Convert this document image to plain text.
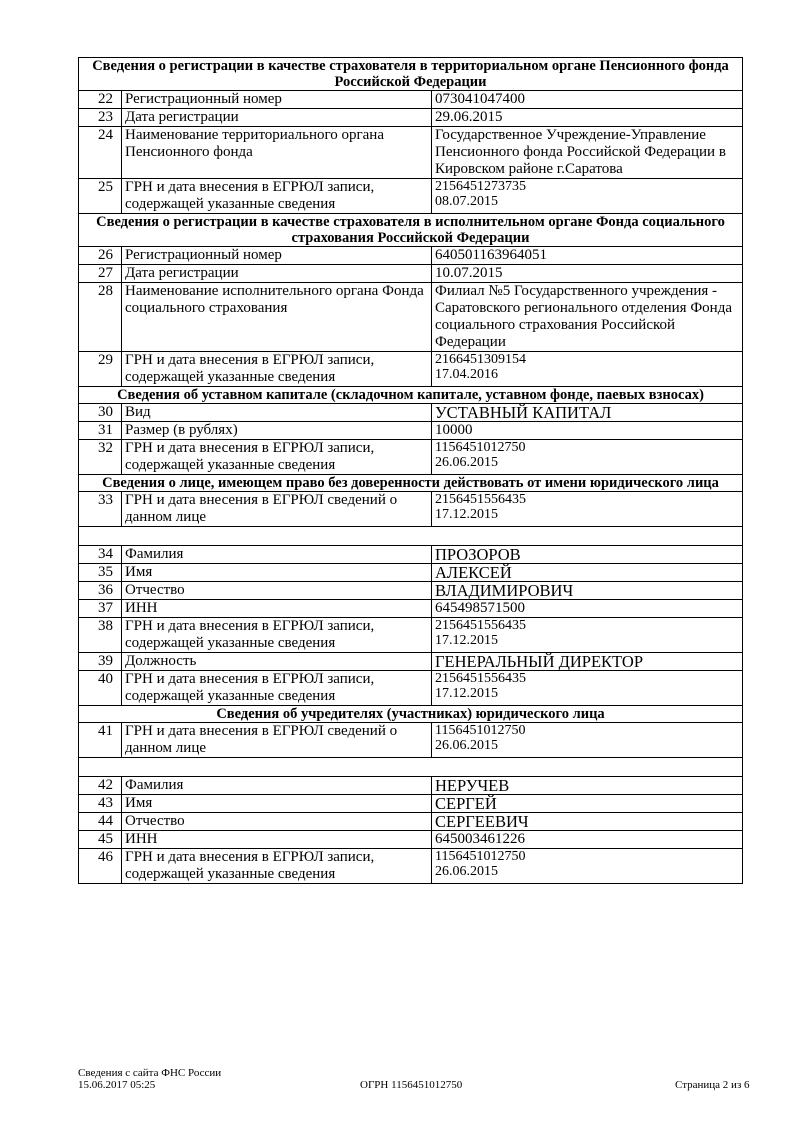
Сведения о регистрации в качестве страхователя в территориальном органе Пенсионного фонда Российской Федерации		
22	Регистрационный номер	073041047400
23	Дата регистрации	29.06.2015
24	Наименование территориального органа Пенсионного фонда	Государственное Учреждение-Управление Пенсионного фонда Российской Федерации в Кировском районе г.Саратова
25	ГРН и дата внесения в ЕГРЮЛ записи, содержащей указанные сведения	2156451273735
08.07.2015
Сведения о регистрации в качестве страхователя в исполнительном органе Фонда социального страхования Российской Федерации		
26	Регистрационный номер	640501163964051
27	Дата регистрации	10.07.2015
28	Наименование исполнительного органа Фонда социального страхования	Филиал №5 Государственного учреждения - Саратовского регионального отделения Фонда социального страхования Российской Федерации
29	ГРН и дата внесения в ЕГРЮЛ записи, содержащей указанные сведения	2166451309154
17.04.2016
Сведения об уставном капитале (складочном капитале, уставном фонде, паевых взносах)		
30	Вид	УСТАВНЫЙ КАПИТАЛ
31	Размер (в рублях)	10000
32	ГРН и дата внесения в ЕГРЮЛ записи, содержащей указанные сведения	1156451012750
26.06.2015
Сведения о лице, имеющем право без доверенности действовать от имени юридического лица		
33	ГРН и дата внесения в ЕГРЮЛ сведений о данном лице	2156451556435
17.12.2015

34	Фамилия	ПРОЗОРОВ
35	Имя	АЛЕКСЕЙ
36	Отчество	ВЛАДИМИРОВИЧ
37	ИНН	645498571500
38	ГРН и дата внесения в ЕГРЮЛ записи, содержащей указанные сведения	2156451556435
17.12.2015
39	Должность	ГЕНЕРАЛЬНЫЙ ДИРЕКТОР
40	ГРН и дата внесения в ЕГРЮЛ записи, содержащей указанные сведения	2156451556435
17.12.2015
Сведения об учредителях (участниках) юридического лица		
41	ГРН и дата внесения в ЕГРЮЛ сведений о данном лице	1156451012750
26.06.2015

42	Фамилия	НЕРУЧЕВ
43	Имя	СЕРГЕЙ
44	Отчество	СЕРГЕЕВИЧ
45	ИНН	645003461226
46	ГРН и дата внесения в ЕГРЮЛ записи, содержащей указанные сведения	1156451012750
26.06.2015
Сведения с сайта ФНС России
15.06.2017 05:25	ОГРН 1156451012750	Страница 2 из 6
